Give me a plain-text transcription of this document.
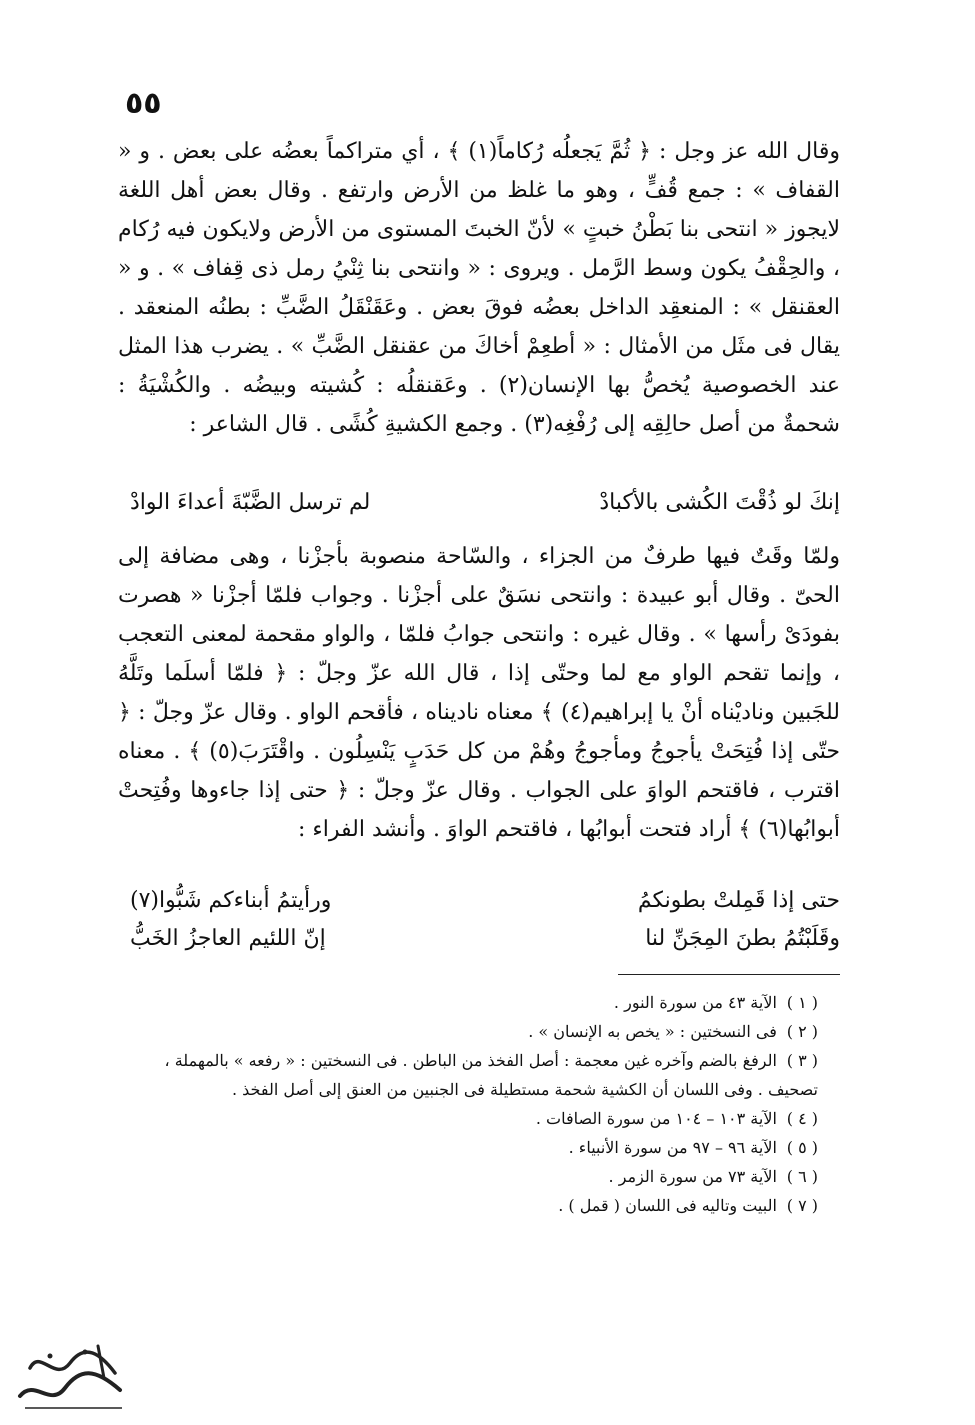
٥٥
وقال الله عز وجل : ﴿ ثُمَّ يَجعلُه رُكاماً(١) ﴾ ، أي متراكماً بعضُه على بعض . و « القفاف » : جمع قُفٍّ ، وهو ما غلظ من الأرض وارتفع . وقال بعض أهل اللغة لايجوز « انتحى بنا بَطْنُ خبتٍ » لأنّ الخبتَ المستوى من الأرض ولايكون فيه رُكام ، والحِقْفُ يكون وسط الرَّمل . ويروى : « وانتحى بنا ثِنْيُ رمل ذى قِفاف » . و « العقنقل » : المنعقِد الداخل بعضُه فوقَ بعض . وعَقَنْقَلُ الضَّبِّ : بطنُه المنعقد . يقال فى مثَل من الأمثال : « أطعِمْ أخاكَ من عقنقل الضَّبِّ » . يضرب هذا المثل عند الخصوصية يُخصُّ بها الإنسان(٢) . وعَقنقلُه : كُشيته وبيضُه . والكُشْيَةُ : شحمةٌ من أصل حالِقِه إلى رُفْغِه(٣) . وجمع الكشيةِ كُشًى . قال الشاعر :
إنكَ لو ذُقْتَ الكُشى بالأكبادْ
لم ترسل الضَّبّةَ أعداءَ الوادْ
ولمّا وقَتٌ فيها طرفٌ من الجزاء ، والسّاحة منصوبة بأجزْنا ، وهى مضافة إلى الحىّ . وقال أبو عبيدة : وانتحى نسَقٌ على أجزْنا . وجواب فلمّا أجزْنا « هصرت بفودَىْ رأسها » . وقال غيره : وانتحى جوابُ فلمّا ، والواو مقحمة لمعنى التعجب ، وإنما تقحم الواو مع لما وحتّى إذا ، قال الله عزّ وجلّ : ﴿ فلمّا أسلَما وتَلَّهُ للجَبين وناديْناه أنْ يا إبراهيم(٤) ﴾ معناه ناديناه ، فأقحم الواو . وقال عزّ وجلّ : ﴿ حتّى إذا فُتِحَتْ يأجوجُ ومأجوجُ وهُمْ من كل حَدَبٍ يَنْسِلُون . واقْتَرَبَ(٥) ﴾ . معناه اقترب ، فاقتحم الواوَ على الجواب . وقال عزّ وجلّ : ﴿ حتى إذا جاءوها وفُتِحتْ أبوابُها(٦) ﴾ أراد فتحت أبوابُها ، فاقتحم الواوَ . وأنشد الفراء :
حتى إذا قَمِلتْ بطونكمُ
ورأيتمُ أبناءكم شَبُّوا(٧)
وقَلَبْتُمُ بطنَ المِجَنِّ لنا
إنّ اللئيم العاجزُ الخَبُّ
( ١ ) الآية ٤٣ من سورة النور .
( ٢ ) فى النسختين : « يخص به الإنسان » .
( ٣ ) الرفغ بالضم وآخره غين معجمة : أصل الفخذ من الباطن . فى النسختين : « رفعه » بالمهملة ، تصحيف . وفى اللسان أن الكشية شحمة مستطيلة فى الجنبين من العنق إلى أصل الفخذ .
( ٤ ) الآية ١٠٣ – ١٠٤ من سورة الصافات .
( ٥ ) الآية ٩٦ – ٩٧ من سورة الأنبياء .
( ٦ ) الآية ٧٣ من سورة الزمر .
( ٧ ) البيت وتاليه فى اللسان ( قمل ) .
